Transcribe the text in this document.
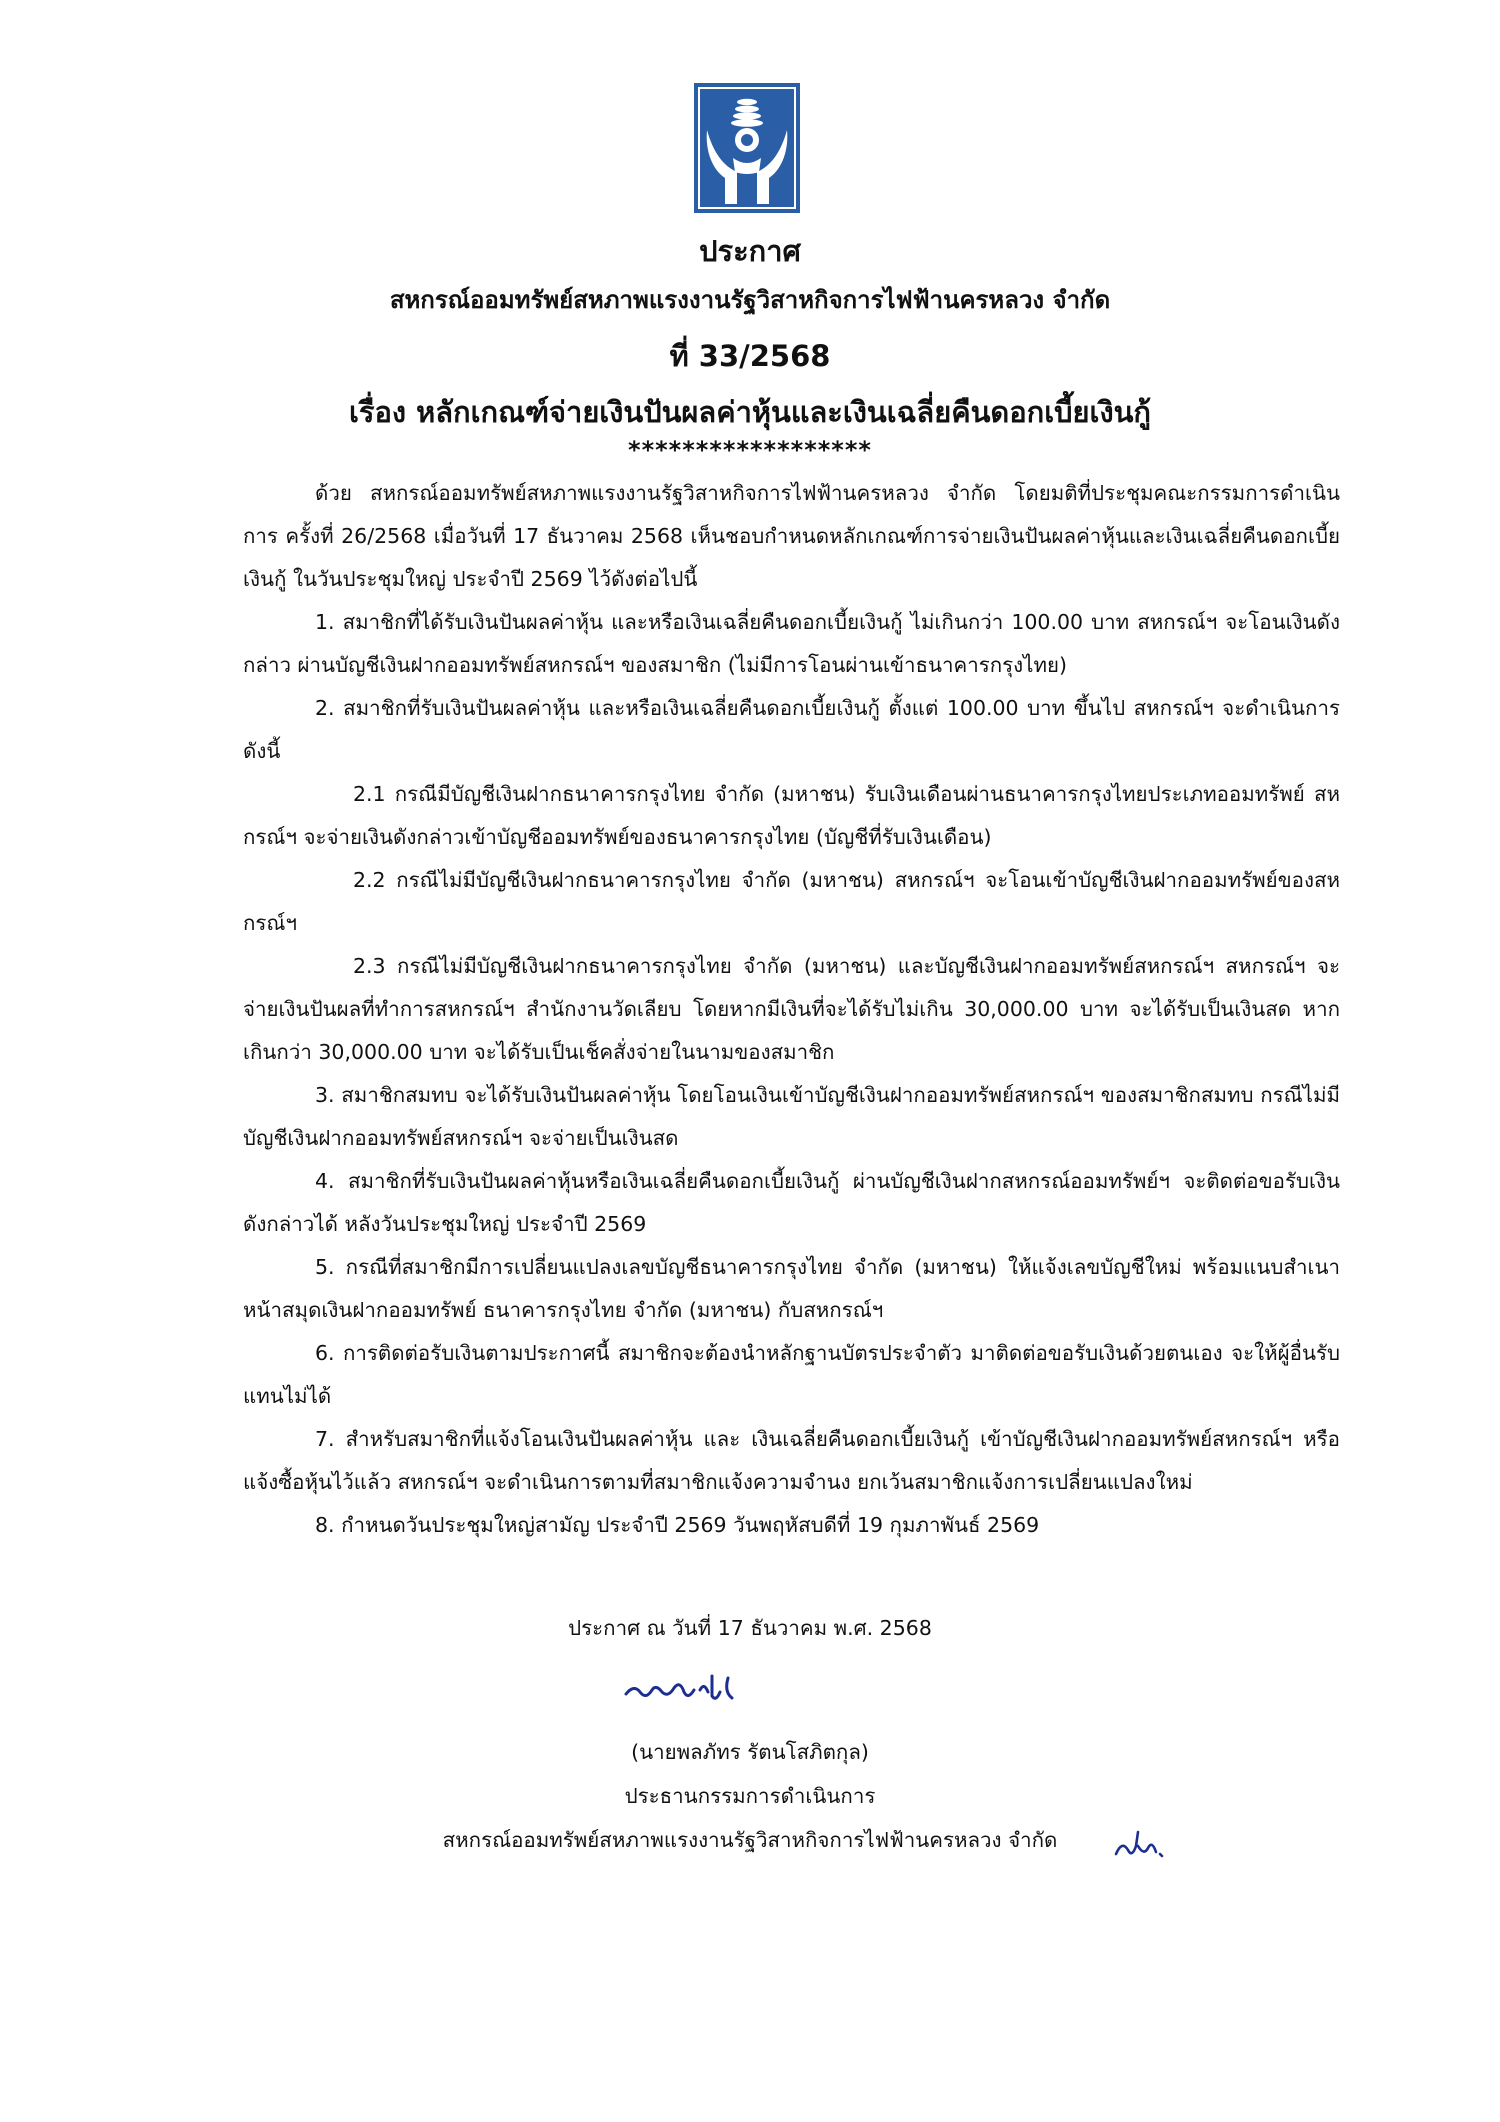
ประกาศ
สหกรณ์ออมทรัพย์สหภาพแรงงานรัฐวิสาหกิจการไฟฟ้านครหลวง จำกัด
ที่ 33/2568
เรื่อง หลักเกณฑ์จ่ายเงินปันผลค่าหุ้นและเงินเฉลี่ยคืนดอกเบี้ยเงินกู้
******************

ด้วย สหกรณ์ออมทรัพย์สหภาพแรงงานรัฐวิสาหกิจการไฟฟ้านครหลวง จำกัด โดยมติที่ประชุมคณะกรรมการดำเนินการ ครั้งที่ 26/2568 เมื่อวันที่ 17 ธันวาคม 2568 เห็นชอบกำหนดหลักเกณฑ์การจ่ายเงินปันผลค่าหุ้นและเงินเฉลี่ยคืนดอกเบี้ยเงินกู้ ในวันประชุมใหญ่ ประจำปี 2569 ไว้ดังต่อไปนี้

1. สมาชิกที่ได้รับเงินปันผลค่าหุ้น และหรือเงินเฉลี่ยคืนดอกเบี้ยเงินกู้ ไม่เกินกว่า 100.00 บาท สหกรณ์ฯ จะโอนเงินดังกล่าว ผ่านบัญชีเงินฝากออมทรัพย์สหกรณ์ฯ ของสมาชิก (ไม่มีการโอนผ่านเข้าธนาคารกรุงไทย)

2. สมาชิกที่รับเงินปันผลค่าหุ้น และหรือเงินเฉลี่ยคืนดอกเบี้ยเงินกู้ ตั้งแต่ 100.00 บาท ขึ้นไป สหกรณ์ฯ จะดำเนินการดังนี้

2.1 กรณีมีบัญชีเงินฝากธนาคารกรุงไทย จำกัด (มหาชน) รับเงินเดือนผ่านธนาคารกรุงไทยประเภทออมทรัพย์ สหกรณ์ฯ จะจ่ายเงินดังกล่าวเข้าบัญชีออมทรัพย์ของธนาคารกรุงไทย (บัญชีที่รับเงินเดือน)

2.2 กรณีไม่มีบัญชีเงินฝากธนาคารกรุงไทย จำกัด (มหาชน) สหกรณ์ฯ จะโอนเข้าบัญชีเงินฝากออมทรัพย์ของสหกรณ์ฯ

2.3 กรณีไม่มีบัญชีเงินฝากธนาคารกรุงไทย จำกัด (มหาชน) และบัญชีเงินฝากออมทรัพย์สหกรณ์ฯ สหกรณ์ฯ จะจ่ายเงินปันผลที่ทำการสหกรณ์ฯ สำนักงานวัดเลียบ โดยหากมีเงินที่จะได้รับไม่เกิน 30,000.00 บาท จะได้รับเป็นเงินสด หากเกินกว่า 30,000.00 บาท จะได้รับเป็นเช็คสั่งจ่ายในนามของสมาชิก

3. สมาชิกสมทบ จะได้รับเงินปันผลค่าหุ้น โดยโอนเงินเข้าบัญชีเงินฝากออมทรัพย์สหกรณ์ฯ ของสมาชิกสมทบ กรณีไม่มีบัญชีเงินฝากออมทรัพย์สหกรณ์ฯ จะจ่ายเป็นเงินสด

4. สมาชิกที่รับเงินปันผลค่าหุ้นหรือเงินเฉลี่ยคืนดอกเบี้ยเงินกู้ ผ่านบัญชีเงินฝากสหกรณ์ออมทรัพย์ฯ จะติดต่อขอรับเงินดังกล่าวได้ หลังวันประชุมใหญ่ ประจำปี 2569

5. กรณีที่สมาชิกมีการเปลี่ยนแปลงเลขบัญชีธนาคารกรุงไทย จำกัด (มหาชน) ให้แจ้งเลขบัญชีใหม่ พร้อมแนบสำเนาหน้าสมุดเงินฝากออมทรัพย์ ธนาคารกรุงไทย จำกัด (มหาชน) กับสหกรณ์ฯ

6. การติดต่อรับเงินตามประกาศนี้ สมาชิกจะต้องนำหลักฐานบัตรประจำตัว มาติดต่อขอรับเงินด้วยตนเอง จะให้ผู้อื่นรับแทนไม่ได้

7. สำหรับสมาชิกที่แจ้งโอนเงินปันผลค่าหุ้น และ เงินเฉลี่ยคืนดอกเบี้ยเงินกู้ เข้าบัญชีเงินฝากออมทรัพย์สหกรณ์ฯ หรือแจ้งซื้อหุ้นไว้แล้ว สหกรณ์ฯ จะดำเนินการตามที่สมาชิกแจ้งความจำนง ยกเว้นสมาชิกแจ้งการเปลี่ยนแปลงใหม่

8. กำหนดวันประชุมใหญ่สามัญ ประจำปี 2569 วันพฤหัสบดีที่ 19 กุมภาพันธ์ 2569

ประกาศ ณ วันที่ 17 ธันวาคม พ.ศ. 2568
(นายพลภัทร รัตนโสภิตกุล)
ประธานกรรมการดำเนินการ
สหกรณ์ออมทรัพย์สหภาพแรงงานรัฐวิสาหกิจการไฟฟ้านครหลวง จำกัด
